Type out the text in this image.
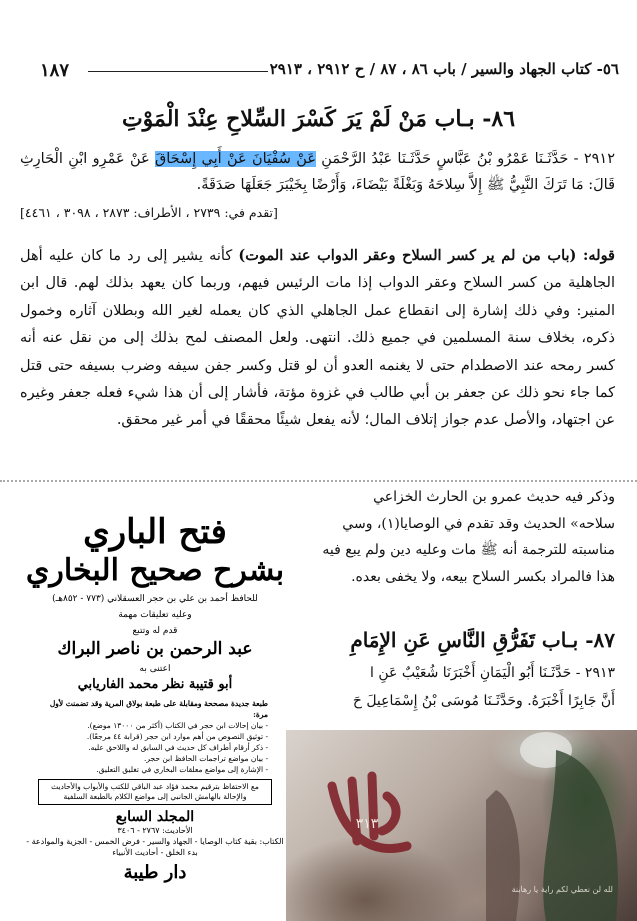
١٨٧	٥٦- كتاب الجهاد والسير / باب ٨٦ ، ٨٧ / ح ٢٩١٢ ، ٢٩١٣
٨٦- بـاب مَنْ لَمْ يَرَ كَسْرَ السِّلاحِ عِنْدَ الْمَوْتِ
٢٩١٢ - حَدَّثَـنَا عَمْرُو بْنُ عَبَّاسٍ حَدَّثَـنَا عَبْدُ الرَّحْمَنِ عَنْ سُفْيَانَ عَنْ أَبِي إِسْحَاقَ عَنْ عَمْرِو ابْنِ الْحَارِثِ قَالَ: مَا تَرَكَ النَّبِيُّ ﷺ إِلاَّ سِلاحَهُ وَبَغْلَةً بَيْضَاءَ، وَأَرْضًا بِخَيْبَرَ جَعَلَهَا صَدَقَةً.
[تقدم في: ٢٧٣٩ ، الأطراف: ٢٨٧٣ ، ٣٠٩٨ ، ٤٤٦١]
قوله: (باب من لم ير كسر السلاح وعقر الدواب عند الموت) كأنه يشير إلى رد ما كان عليه أهل الجاهلية من كسر السلاح وعقر الدواب إذا مات الرئيس فيهم، وربما كان يعهد بذلك لهم. قال ابن المنير: وفي ذلك إشارة إلى انقطاع عمل الجاهلي الذي كان يعمله لغير الله وبطلان آثاره وخمول ذكره، بخلاف سنة المسلمين في جميع ذلك. انتهى. ولعل المصنف لمح بذلك إلى من نقل عنه أنه كسر رمحه عند الاصطدام حتى لا يغنمه العدو أن لو قتل وكسر جفن سيفه وضرب بسيفه حتى قتل كما جاء نحو ذلك عن جعفر بن أبي طالب في غزوة مؤتة، فأشار إلى أن هذا شيء فعله جعفر وغيره عن اجتهاد، والأصل عدم جواز إتلاف المال؛ لأنه يفعل شيئًا محققًا في أمر غير محقق.
وذكر فيه حديث عمرو بن الحارث الخزاعي
سلاحه» الحديث وقد تقدم في الوصايا(١)، وسي
مناسبته للترجمة أنه ﷺ مات وعليه دين ولم يبع فيه
هذا فالمراد بكسر السلاح بيعه، ولا يخفى بعده.
٨٧- بـاب تَفَرُّقِ النَّاسِ عَنِ الإِمَامِ
٢٩١٣ - حَدَّثَـنَا أَبُو الْيَمَانِ أَخْبَرَنَا شُعَيْبٌ عَنِ ا
أَنَّ جَابِرًا أَخْبَرَهُ. وحَدَّثَـنَا مُوسَى بْنُ إِسْمَاعِيلَ حَ
فتح الباري
بشرح صحيح البخاري
للحافظ أحمد بن علي بن حجر العسقلاني (٧٧٣ - ٨٥٢هـ)
وعليه تعليقات مهمة
قدم له وتتبع
عبد الرحمن بن ناصر البراك
اعتنى به
أبو قتيبة نظر محمد الفاريابي
طبعة جديدة مصححة ومقابلة على طبعة بولاق المرية وقد تضمنت لأول مرة:
- بيان إحالات ابن حجر في الكتاب (أكثر من ١٣٠٠٠ موضع).
- توثيق النصوص من أهم موارد ابن حجر (قرابة ٤٤ مرجعًا).
- ذكر أرقام أطراف كل حديث في السابق له واللاحق عليه.
- بيان مواضع تراجمات الحافظ ابن حجر.
- الإشارة إلى مواضع معلقات البخاري في تغليق التعليق.
مع الاحتفاظ بترقيم محمد فؤاد عبد الباقي للكتب والأبواب والأحاديث والإحالة بالهامش الجانبي إلى مواضع الكلام بالطبعة السلفية
المجلد السابع
الأحاديث: ٢٧٦٧ - ٣٤٠٦
الكتاب: بقية كتاب الوصايا - الجهاد والسير - فرض الخمس - الجزية والموادعة - بدء الخلق - أحاديث الأنبياء
دار طيبة
٣١٣
لله لن نعطي لكم راية يا رهابنة
